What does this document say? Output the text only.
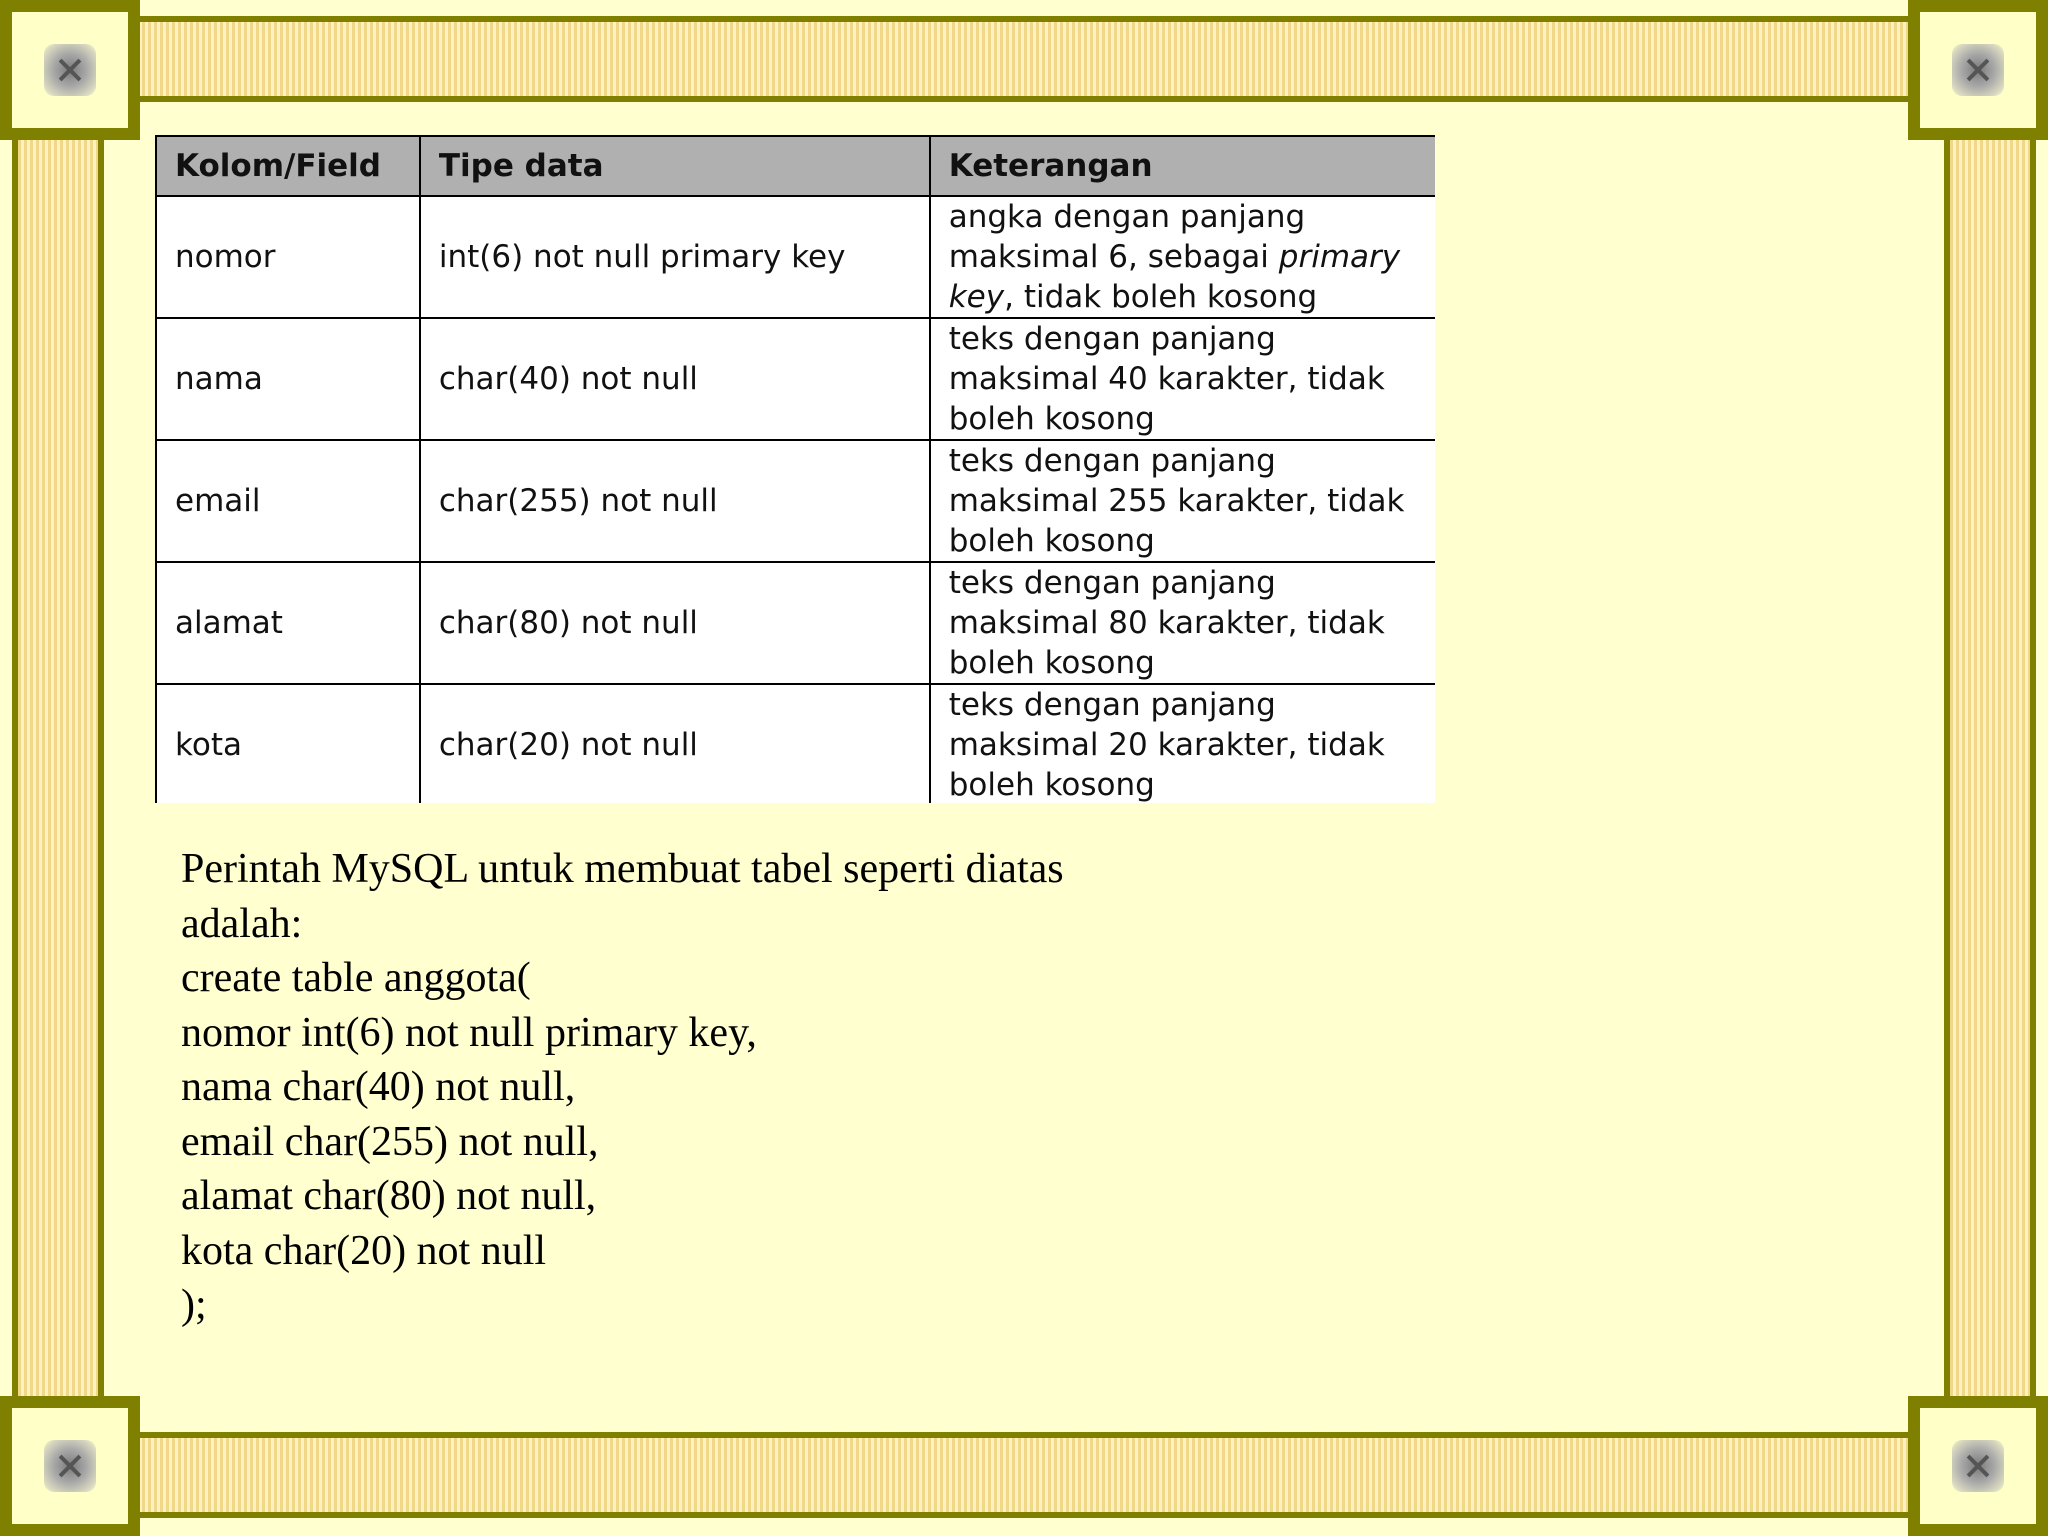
Kolom/Field	Tipe data	Keterangan
nomor	int(6) not null primary key	angka dengan panjang maksimal 6, sebagai primary key, tidak boleh kosong
nama	char(40) not null	teks dengan panjang maksimal 40 karakter, tidak boleh kosong
email	char(255) not null	teks dengan panjang maksimal 255 karakter, tidak boleh kosong
alamat	char(80) not null	teks dengan panjang maksimal 80 karakter, tidak boleh kosong
kota	char(20) not null	teks dengan panjang maksimal 20 karakter, tidak boleh kosong
Perintah MySQL untuk membuat tabel seperti diatas
adalah:
create table anggota(
nomor int(6) not null primary key,
nama char(40) not null,
email char(255) not null,
alamat char(80) not null,
kota char(20) not null
);
